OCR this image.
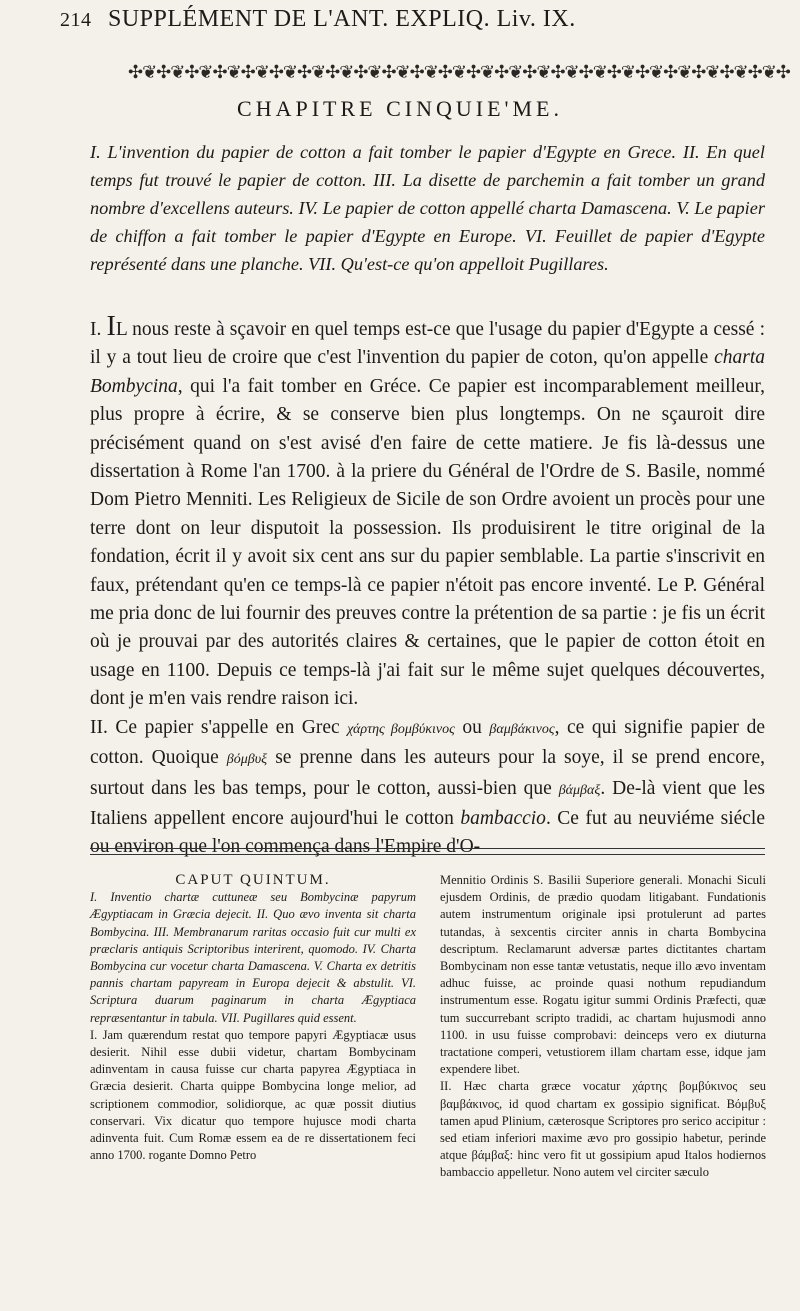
214 SUPPLÉMENT DE L'ANT. EXPLIQ. Liv. IX.
✣❦✣❦✣❦✣❦✣❦✣❦✣❦✣❦✣❦✣❦✣❦✣❦✣❦✣❦✣❦✣❦✣❦✣❦✣❦✣❦✣❦✣❦✣❦✣
CHAPITRE CINQUIE'ME.
I. L'invention du papier de cotton a fait tomber le papier d'Egypte en Grece. II. En quel temps fut trouvé le papier de cotton. III. La disette de parchemin a fait tomber un grand nombre d'excellens auteurs. IV. Le papier de cotton appellé charta Damascena. V. Le papier de chiffon a fait tomber le papier d'Egypte en Europe. VI. Feuillet de papier d'Egypte représenté dans une planche. VII. Qu'est-ce qu'on appelloit Pugillares.

I. IL nous reste à sçavoir en quel temps est-ce que l'usage du papier d'Egypte a cessé : il y a tout lieu de croire que c'est l'invention du papier de coton, qu'on appelle charta Bombycina, qui l'a fait tomber en Gréce. Ce papier est incomparablement meilleur, plus propre à écrire, & se conserve bien plus longtemps. On ne sçauroit dire précisément quand on s'est avisé d'en faire de cette matiere. Je fis là-dessus une dissertation à Rome l'an 1700. à la priere du Général de l'Ordre de S. Basile, nommé Dom Pietro Menniti. Les Religieux de Sicile de son Ordre avoient un procès pour une terre dont on leur disputoit la possession. Ils produisirent le titre original de la fondation, écrit il y avoit six cent ans sur du papier semblable. La partie s'inscrivit en faux, prétendant qu'en ce temps-là ce papier n'étoit pas encore inventé. Le P. Général me pria donc de lui fournir des preuves contre la prétention de sa partie : je fis un écrit où je prouvai par des autorités claires & certaines, que le papier de cotton étoit en usage en 1100. Depuis ce temps-là j'ai fait sur le même sujet quelques découvertes, dont je m'en vais rendre raison ici.

II. Ce papier s'appelle en Grec χάρτης βομβύκινος ou βαμβάκινος, ce qui signifie papier de cotton. Quoique βόμβυξ se prenne dans les auteurs pour la soye, il se prend encore, surtout dans les bas temps, pour le cotton, aussi-bien que βάμβαξ. De-là vient que les Italiens appellent encore aujourd'hui le cotton bambaccio. Ce fut au neuviéme siécle ou environ que l'on commença dans l'Empire d'O-

CAPUT QUINTUM.

I. Inventio chartæ cuttuneæ seu Bombycinæ papyrum Ægyptiacam in Græcia dejecit. II. Quo ævo inventa sit charta Bombycina. III. Membranarum raritas occasio fuit cur multi ex præclaris antiquis Scriptoribus interirent, quomodo. IV. Charta Bombycina cur vocetur charta Damascena. V. Charta ex detritis pannis chartam papyream in Europa dejecit & abstulit. VI. Scriptura duarum paginarum in charta Ægyptiaca repræsentantur in tabula. VII. Pugillares quid essent.

I. Jam quærendum restat quo tempore papyri Ægyptiacæ usus desierit. Nihil esse dubii videtur, chartam Bombycinam adinventam in causa fuisse cur charta papyrea Ægyptiaca in Græcia desierit. Charta quippe Bombycina longe melior, ad scriptionem commodior, solidiorque, ac quæ possit diutius conservari. Vix dicatur quo tempore hujusce modi charta adinventa fuit. Cum Romæ essem ea de re dissertationem feci anno 1700. rogante Domno Petro

Mennitio Ordinis S. Basilii Superiore generali. Monachi Siculi ejusdem Ordinis, de prædio quodam litigabant. Fundationis autem instrumentum originale ipsi protulerunt ad partes tutandas, à sexcentis circiter annis in charta Bombycina descriptum. Reclamarunt adversæ partes dictitantes chartam Bombycinam non esse tantæ vetustatis, neque illo ævo inventam adhuc fuisse, ac proinde quasi nothum repudiandum instrumentum esse. Rogatu igitur summi Ordinis Præfecti, quæ tum succurrebant scripto tradidi, ac chartam hujusmodi anno 1100. in usu fuisse comprobavi: deinceps vero ex diuturna tractatione comperi, vetustiorem illam chartam esse, idque jam expendere libet.

II. Hæc charta græce vocatur χάρτης βομβύκινος seu βαμβάκινος, id quod chartam ex gossipio significat. Βόμβυξ tamen apud Plinium, cæterosque Scriptores pro serico accipitur : sed etiam inferiori maxime ævo pro gossipio habetur, perinde atque βάμβαξ: hinc vero fit ut gossipium apud Italos hodiernos bambaccio appelletur. Nono autem vel circiter sæculo
